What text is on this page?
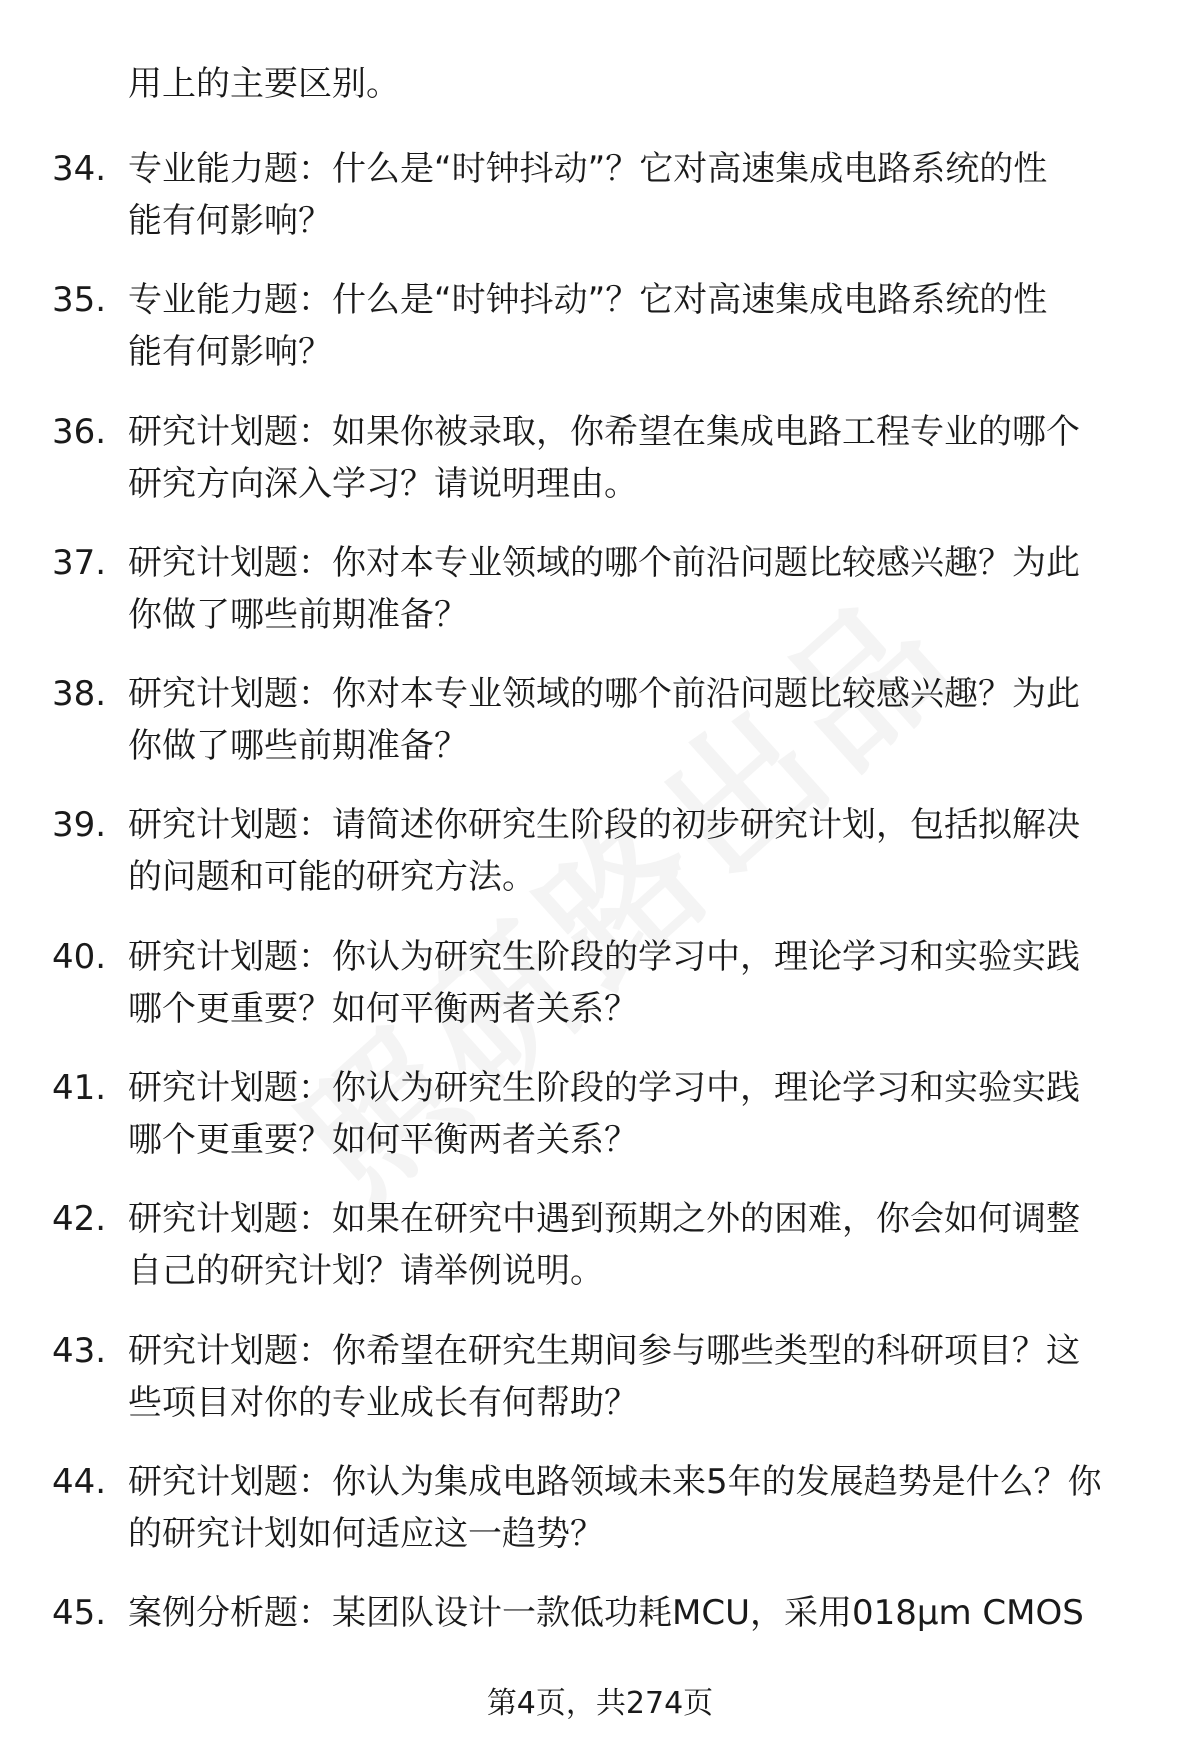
用上的主要区别。

34. 专业能力题：什么是“时钟抖动”？它对高速集成电路系统的性
能有何影响？
35. 专业能力题：什么是“时钟抖动”？它对高速集成电路系统的性
能有何影响？
36. 研究计划题：如果你被录取，你希望在集成电路工程专业的哪个
研究方向深入学习？请说明理由。
37. 研究计划题：你对本专业领域的哪个前沿问题比较感兴趣？为此
你做了哪些前期准备？
38. 研究计划题：你对本专业领域的哪个前沿问题比较感兴趣？为此
你做了哪些前期准备？
39. 研究计划题：请简述你研究生阶段的初步研究计划，包括拟解决
的问题和可能的研究方法。
40. 研究计划题：你认为研究生阶段的学习中，理论学习和实验实践
哪个更重要？如何平衡两者关系？
41. 研究计划题：你认为研究生阶段的学习中，理论学习和实验实践
哪个更重要？如何平衡两者关系？
42. 研究计划题：如果在研究中遇到预期之外的困难，你会如何调整
自己的研究计划？请举例说明。
43. 研究计划题：你希望在研究生期间参与哪些类型的科研项目？这
些项目对你的专业成长有何帮助？
44. 研究计划题：你认为集成电路领域未来5年的发展趋势是什么？你
的研究计划如何适应这一趋势？
45. 案例分析题：某团队设计一款低功耗MCU，采用018μm CMOS
第4页，共274页
